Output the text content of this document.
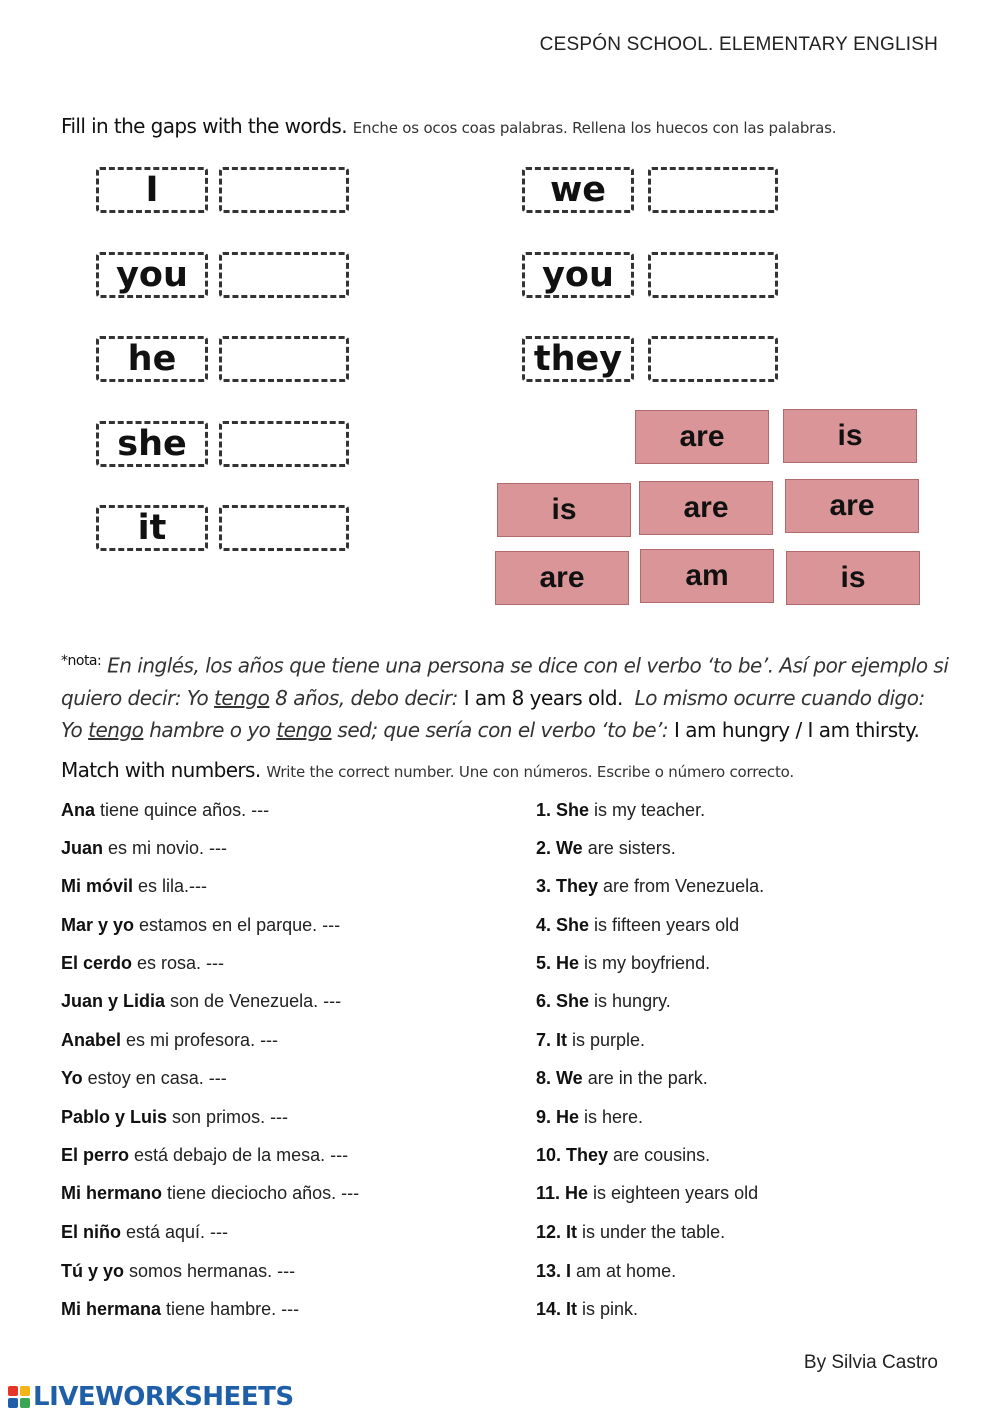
CESPÓN SCHOOL. ELEMENTARY ENGLISH
Fill in the gaps with the words. Enche os ocos coas palabras. Rellena los huecos con las palabras.
I
you
he
she
it
we
you
they
are	is
is	are	are
are	am	is
$^{*nota:}$ En inglés, los años que tiene una persona se dice con el verbo ‘to be’. Así por ejemplo si quiero decir: Yo tengo 8 años, debo decir: I am 8 years old. Lo mismo ocurre cuando digo: Yo tengo hambre o yo tengo sed; que sería con el verbo ‘to be’: I am hungry / I am thirsty.
Match with numbers. Write the correct number. Une con números. Escribe o número correcto.
Ana tiene quince años. ---
Juan es mi novio. ---
Mi móvil es lila.---
Mar y yo estamos en el parque. ---
El cerdo es rosa. ---
Juan y Lidia son de Venezuela. ---
Anabel es mi profesora. ---
Yo estoy en casa. ---
Pablo y Luis son primos. ---
El perro está debajo de la mesa. ---
Mi hermano tiene dieciocho años. ---
El niño está aquí. ---
Tú y yo somos hermanas. ---
Mi hermana tiene hambre. ---
1. She is my teacher.
2. We are sisters.
3. They are from Venezuela.
4. She is fifteen years old
5. He is my boyfriend.
6. She is hungry.
7. It is purple.
8. We are in the park.
9. He is here.
10. They are cousins.
11. He is eighteen years old
12. It is under the table.
13. I am at home.
14. It is pink.
By Silvia Castro
LIVEWORKSHEETS
